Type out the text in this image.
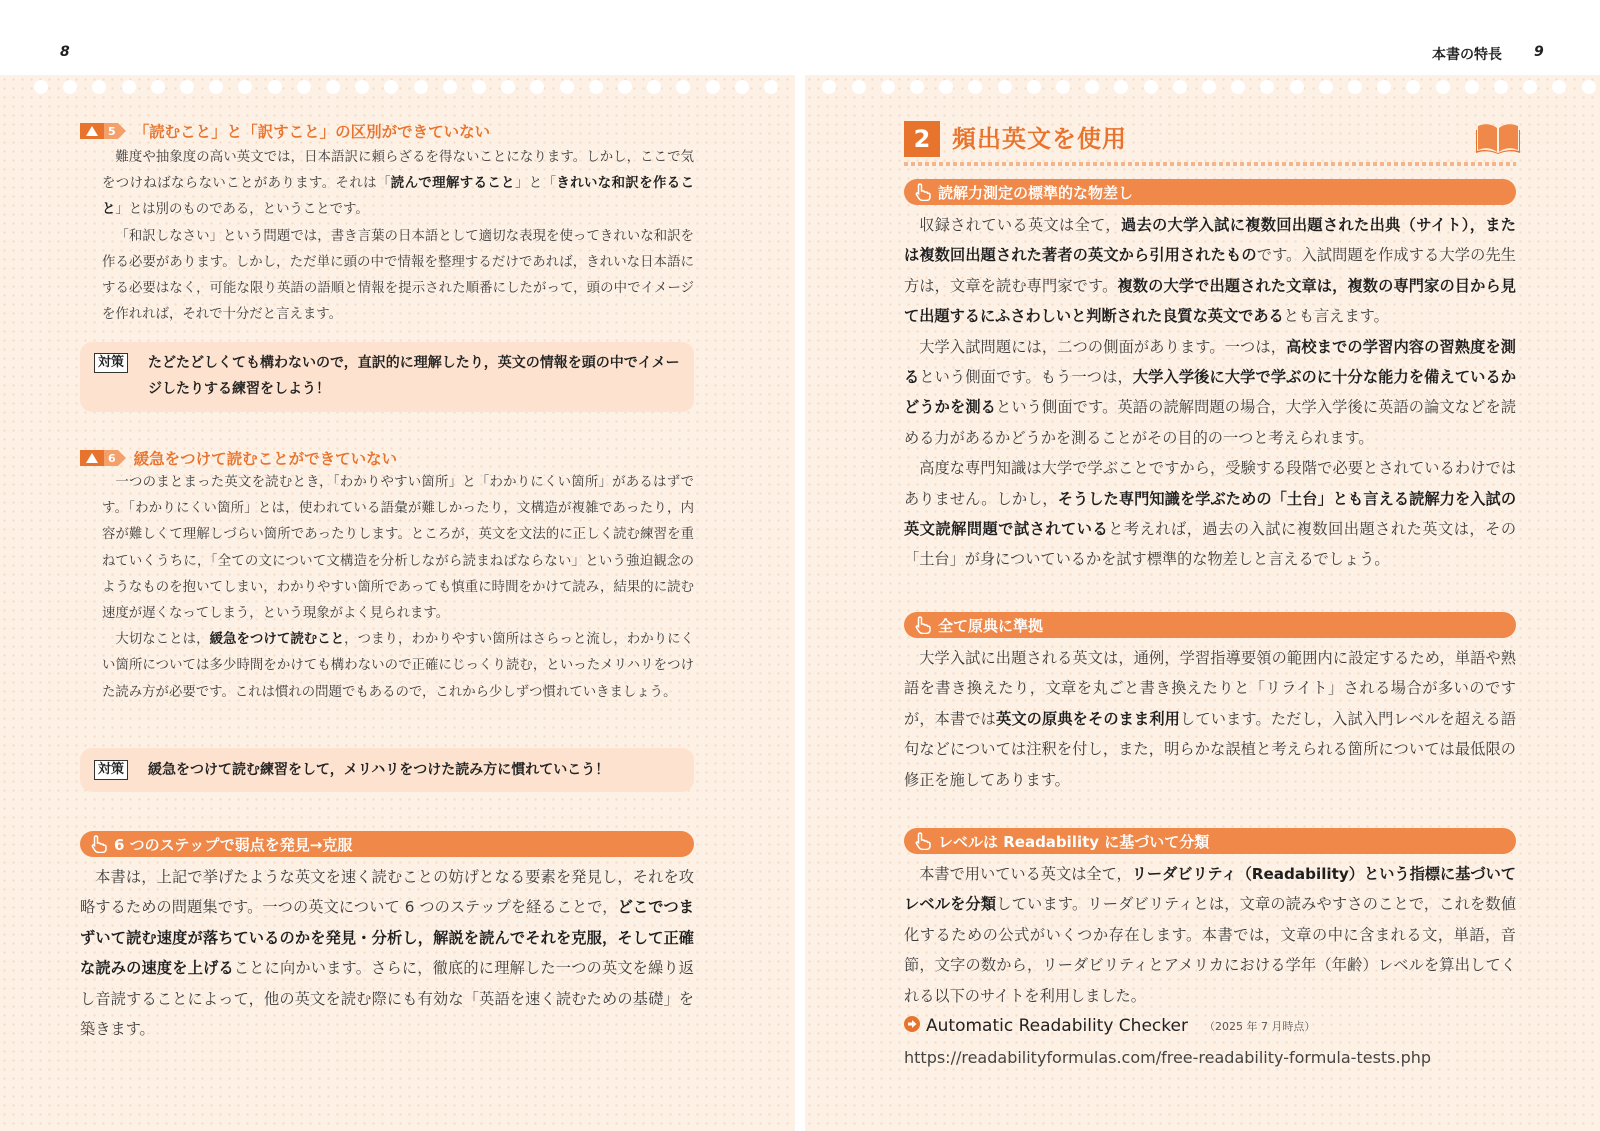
8	本書の特長 9
5 「読むこと」と「訳すこと」の区別ができていない

難度や抽象度の高い英文では，日本語訳に頼らざるを得ないことになります。しかし，ここで気をつけねばならないことがあります。それは「読んで理解すること」と「きれいな和訳を作ること」とは別のものである，ということです。

「和訳しなさい」という問題では，書き言葉の日本語として適切な表現を使ってきれいな和訳を作る必要があります。しかし，ただ単に頭の中で情報を整理するだけであれば，きれいな日本語にする必要はなく，可能な限り英語の語順と情報を提示された順番にしたがって，頭の中でイメージを作れれば，それで十分だと言えます。

対策 たどたどしくても構わないので，直訳的に理解したり，英文の情報を頭の中でイメージしたりする練習をしよう！
6 緩急をつけて読むことができていない

一つのまとまった英文を読むとき，「わかりやすい箇所」と「わかりにくい箇所」があるはずです。「わかりにくい箇所」とは，使われている語彙が難しかったり，文構造が複雑であったり，内容が難しくて理解しづらい箇所であったりします。ところが，英文を文法的に正しく読む練習を重ねていくうちに，「全ての文について文構造を分析しながら読まねばならない」という強迫観念のようなものを抱いてしまい，わかりやすい箇所であっても慎重に時間をかけて読み，結果的に読む速度が遅くなってしまう，という現象がよく見られます。

大切なことは，緩急をつけて読むこと，つまり，わかりやすい箇所はさらっと流し，わかりにくい箇所については多少時間をかけても構わないので正確にじっくり読む，といったメリハリをつけた読み方が必要です。これは慣れの問題でもあるので，これから少しずつ慣れていきましょう。

対策 緩急をつけて読む練習をして，メリハリをつけた読み方に慣れていこう！
6 つのステップで弱点を発見→克服

本書は，上記で挙げたような英文を速く読むことの妨げとなる要素を発見し，それを攻略するための問題集です。一つの英文について 6 つのステップを経ることで，どこでつまずいて読む速度が落ちているのかを発見・分析し，解説を読んでそれを克服，そして正確な読みの速度を上げることに向かいます。さらに，徹底的に理解した一つの英文を繰り返し音読することによって，他の英文を読む際にも有効な「英語を速く読むための基礎」を築きます。

2 頻出英文を使用
読解力測定の標準的な物差し

収録されている英文は全て，過去の大学入試に複数回出題された出典（サイト），または複数回出題された著者の英文から引用されたものです。入試問題を作成する大学の先生方は，文章を読む専門家です。複数の大学で出題された文章は，複数の専門家の目から見て出題するにふさわしいと判断された良質な英文であるとも言えます。

大学入試問題には，二つの側面があります。一つは，高校までの学習内容の習熟度を測るという側面です。もう一つは，大学入学後に大学で学ぶのに十分な能力を備えているかどうかを測るという側面です。英語の読解問題の場合，大学入学後に英語の論文などを読める力があるかどうかを測ることがその目的の一つと考えられます。

高度な専門知識は大学で学ぶことですから，受験する段階で必要とされているわけではありません。しかし，そうした専門知識を学ぶための「土台」とも言える読解力を入試の英文読解問題で試されていると考えれば，過去の入試に複数回出題された英文は，その「土台」が身についているかを試す標準的な物差しと言えるでしょう。

全て原典に準拠

大学入試に出題される英文は，通例，学習指導要領の範囲内に設定するため，単語や熟語を書き換えたり，文章を丸ごと書き換えたりと「リライト」される場合が多いのですが，本書では英文の原典をそのまま利用しています。ただし，入試入門レベルを超える語句などについては注釈を付し，また，明らかな誤植と考えられる箇所については最低限の修正を施してあります。

レベルは Readability に基づいて分類

本書で用いている英文は全て，リーダビリティ（Readability）という指標に基づいてレベルを分類しています。リーダビリティとは，文章の読みやすさのことで，これを数値化するための公式がいくつか存在します。本書では，文章の中に含まれる文，単語，音節，文字の数から，リーダビリティとアメリカにおける学年（年齢）レベルを算出してくれる以下のサイトを利用しました。

Automatic Readability Checker （2025 年 7 月時点）
https://readabilityformulas.com/free-readability-formula-tests.php
